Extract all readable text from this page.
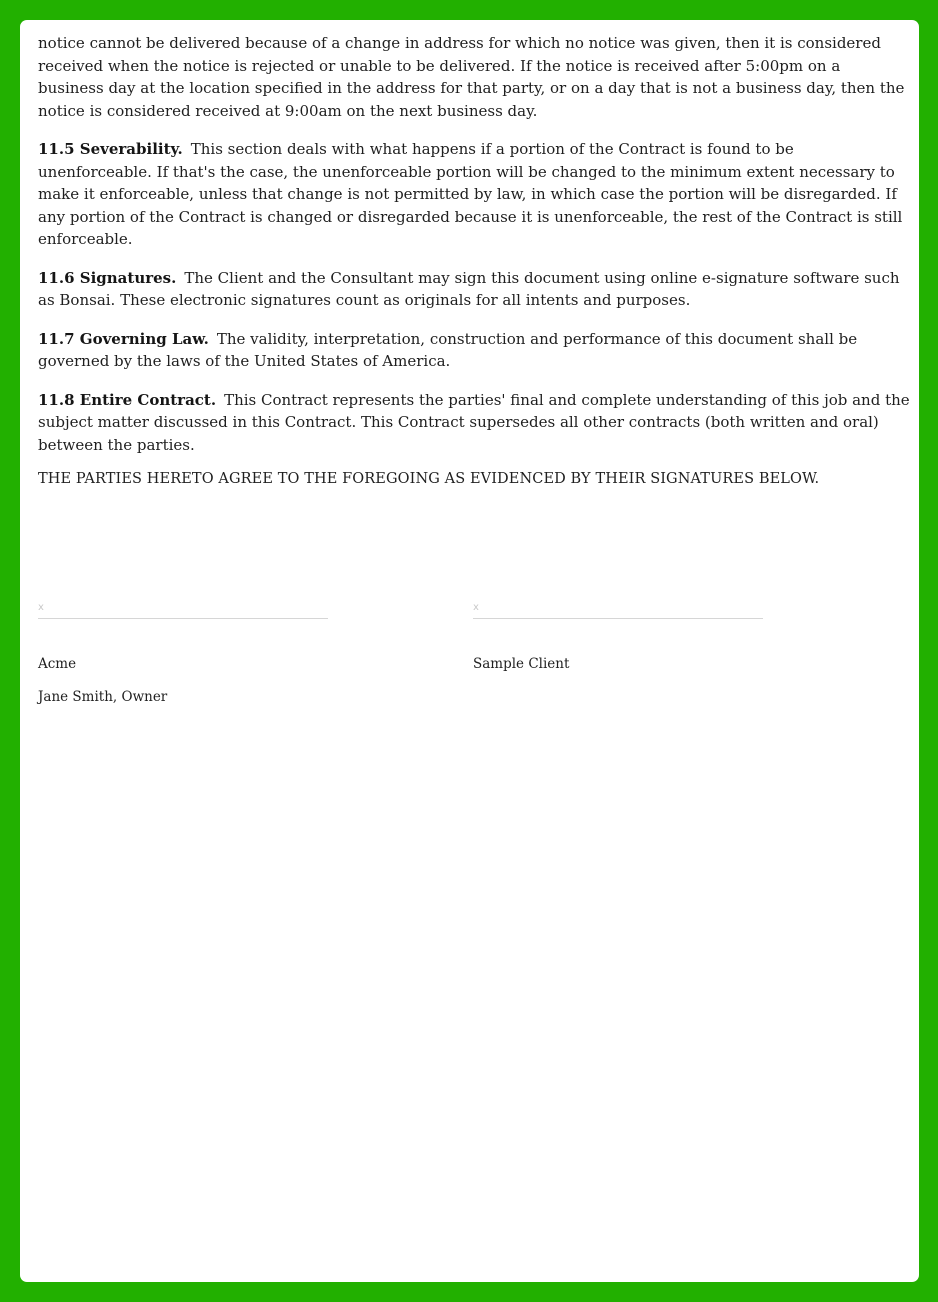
notice cannot be delivered because of a change in address for which no notice was given, then it is considered received when the notice is rejected or unable to be delivered. If the notice is received after 5:00pm on a business day at the location specified in the address for that party, or on a day that is not a business day, then the notice is considered received at 9:00am on the next business day.

11.5 Severability. This section deals with what happens if a portion of the Contract is found to be unenforceable. If that's the case, the unenforceable portion will be changed to the minimum extent necessary to make it enforceable, unless that change is not permitted by law, in which case the portion will be disregarded. If any portion of the Contract is changed or disregarded because it is unenforceable, the rest of the Contract is still enforceable.

11.6 Signatures. The Client and the Consultant may sign this document using online e-signature software such as Bonsai. These electronic signatures count as originals for all intents and purposes.

11.7 Governing Law. The validity, interpretation, construction and performance of this document shall be governed by the laws of the United States of America.

11.8 Entire Contract. This Contract represents the parties' final and complete understanding of this job and the subject matter discussed in this Contract. This Contract supersedes all other contracts (both written and oral) between the parties.

THE PARTIES HERETO AGREE TO THE FOREGOING AS EVIDENCED BY THEIR SIGNATURES BELOW.
x
Acme
Jane Smith, Owner
x
Sample Client
